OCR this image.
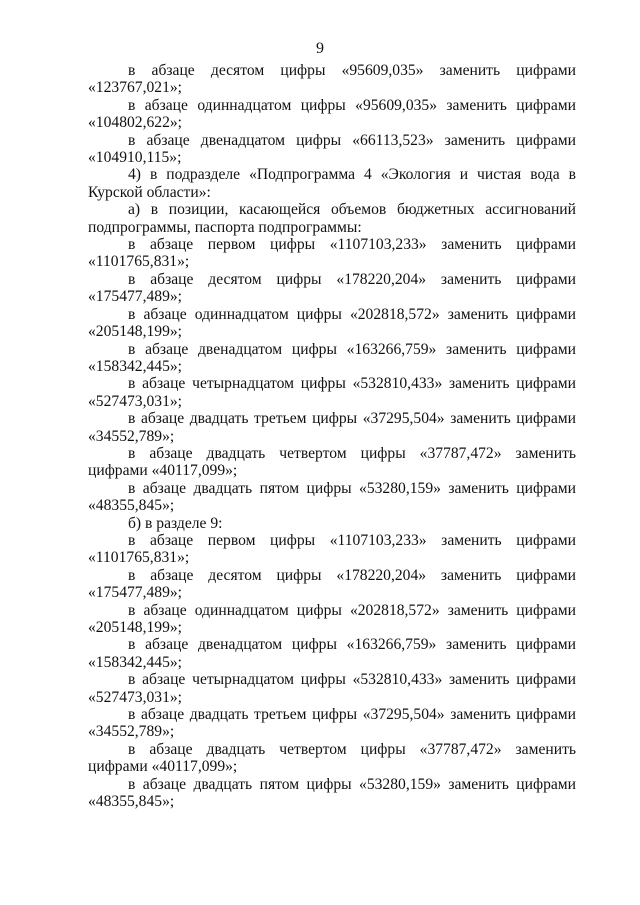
9

в абзаце десятом цифры «95609,035» заменить цифрами «123767,021»;

в абзаце одиннадцатом цифры «95609,035» заменить цифрами «104802,622»;

в абзаце двенадцатом цифры «66113,523» заменить цифрами «104910,115»;

4) в подразделе «Подпрограмма 4 «Экология и чистая вода в Курской области»:

а) в позиции, касающейся объемов бюджетных ассигнований подпрограммы, паспорта подпрограммы:

в абзаце первом цифры «1107103,233» заменить цифрами «1101765,831»;

в абзаце десятом цифры «178220,204» заменить цифрами «175477,489»;

в абзаце одиннадцатом цифры «202818,572» заменить цифрами «205148,199»;

в абзаце двенадцатом цифры «163266,759» заменить цифрами «158342,445»;

в абзаце четырнадцатом цифры «532810,433» заменить цифрами «527473,031»;

в абзаце двадцать третьем цифры «37295,504» заменить цифрами «34552,789»;

в абзаце двадцать четвертом цифры «37787,472» заменить цифрами «40117,099»;

в абзаце двадцать пятом цифры «53280,159» заменить цифрами «48355,845»;

б) в разделе 9:

в абзаце первом цифры «1107103,233» заменить цифрами «1101765,831»;

в абзаце десятом цифры «178220,204» заменить цифрами «175477,489»;

в абзаце одиннадцатом цифры «202818,572» заменить цифрами «205148,199»;

в абзаце двенадцатом цифры «163266,759» заменить цифрами «158342,445»;

в абзаце четырнадцатом цифры «532810,433» заменить цифрами «527473,031»;

в абзаце двадцать третьем цифры «37295,504» заменить цифрами «34552,789»;

в абзаце двадцать четвертом цифры «37787,472» заменить цифрами «40117,099»;

в абзаце двадцать пятом цифры «53280,159» заменить цифрами «48355,845»;
